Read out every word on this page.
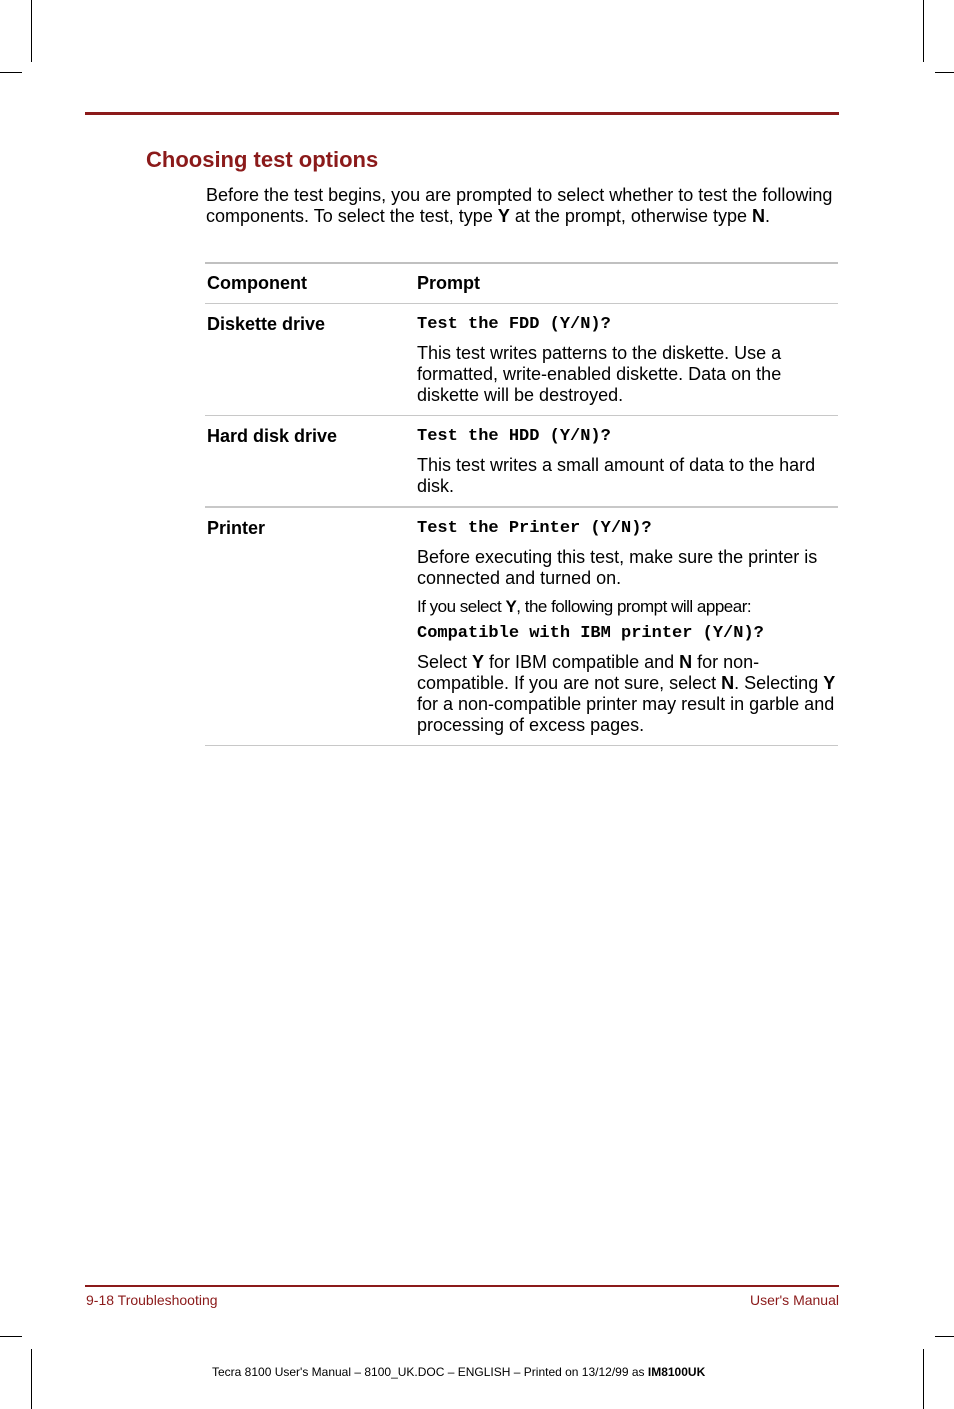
Choosing test options

Before the test begins, you are prompted to select whether to test the following components. To select the test, type Y at the prompt, otherwise type N.

Component	Prompt
Diskette drive	Test the FDD (Y/N)?

This test writes patterns to the diskette. Use a formatted, write-enabled diskette. Data on the diskette will be destroyed.

Hard disk drive	Test the HDD (Y/N)?

This test writes a small amount of data to the hard disk.

Printer	Test the Printer (Y/N)?

Before executing this test, make sure the printer is connected and turned on.

If you select Y, the following prompt will appear:

Compatible with IBM printer (Y/N)?

Select Y for IBM compatible and N for non-compatible. If you are not sure, select N. Selecting Y for a non-compatible printer may result in garble and processing of excess pages.

9-18 Troubleshooting	User's Manual
Tecra 8100 User's Manual – 8100_UK.DOC – ENGLISH – Printed on 13/12/99 as IM8100UK
